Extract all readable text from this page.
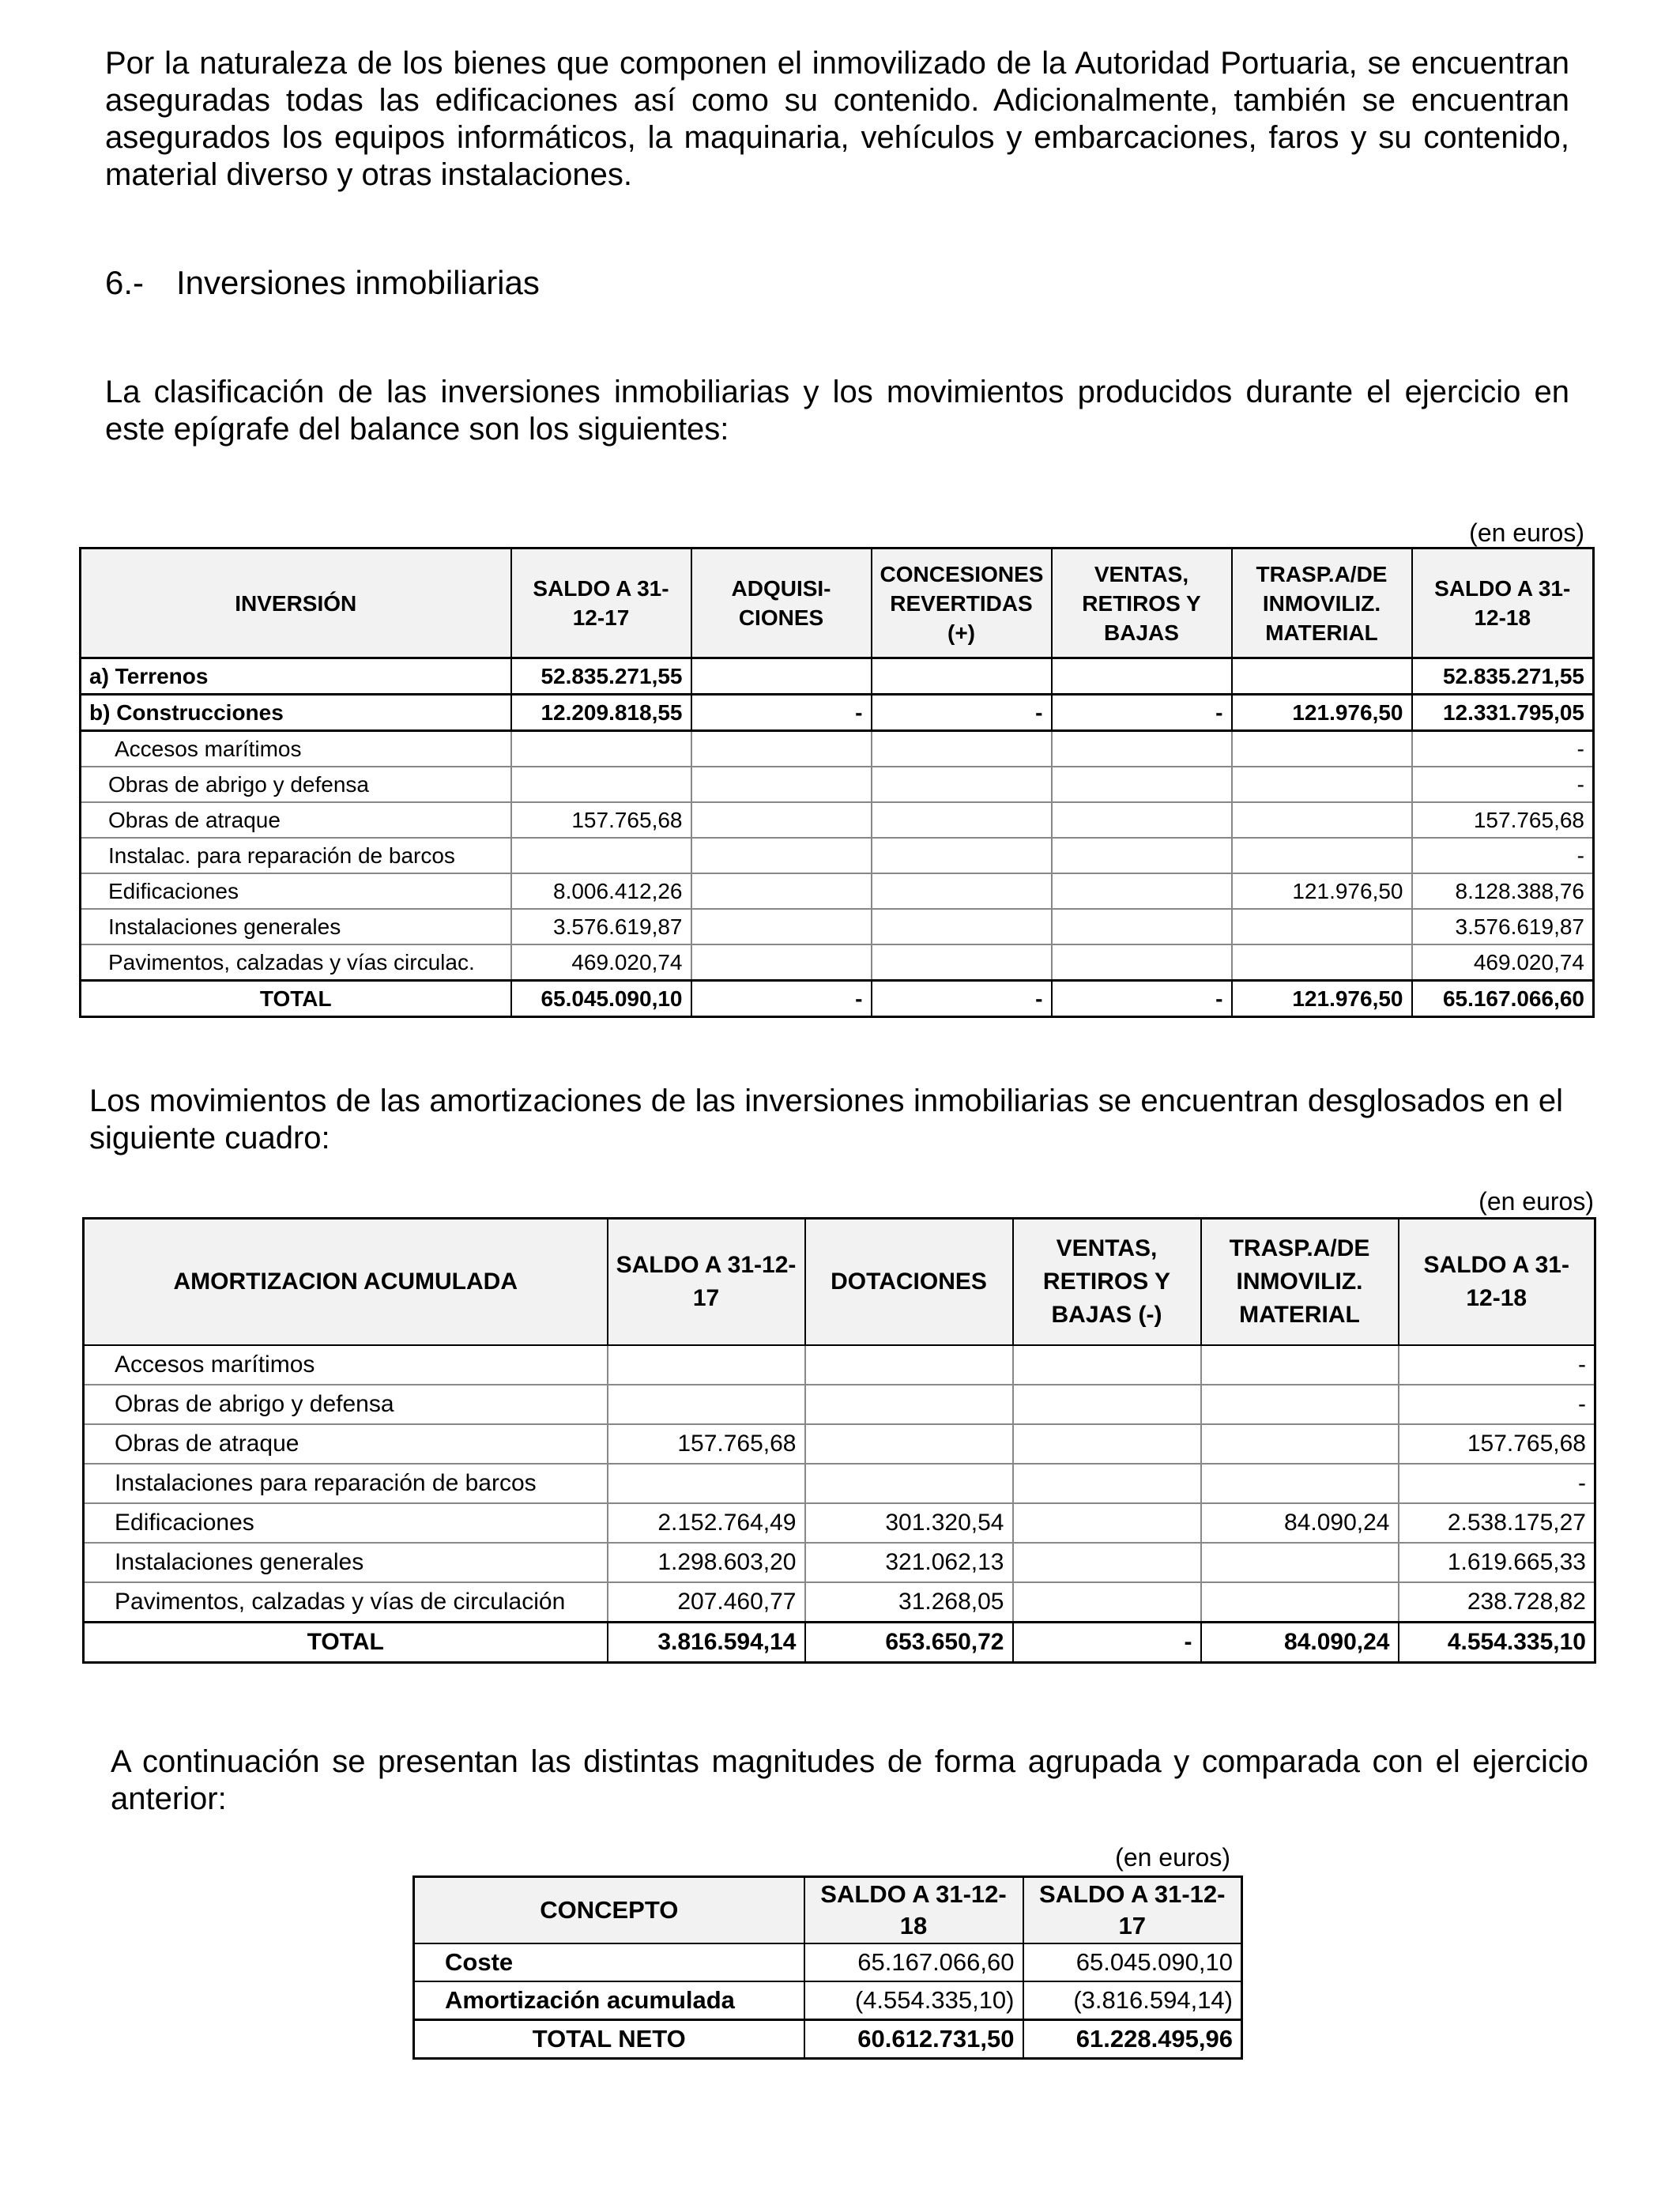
Por la naturaleza de los bienes que componen el inmovilizado de la Autoridad Portuaria, se encuentran aseguradas todas las edificaciones así como su contenido. Adicionalmente, también se encuentran asegurados los equipos informáticos, la maquinaria, vehículos y embarcaciones, faros y su contenido, material diverso y otras instalaciones.

6.- Inversiones inmobiliarias

La clasificación de las inversiones inmobiliarias y los movimientos producidos durante el ejercicio en este epígrafe del balance son los siguientes:

(en euros)
INVERSIÓN	SALDO A 31-12-17	ADQUISI- CIONES	CONCESIONES REVERTIDAS (+)	VENTAS, RETIROS Y BAJAS	TRASP.A/DE INMOVILIZ. MATERIAL	SALDO A 31-12-18
a) Terrenos	52.835.271,55					52.835.271,55
b) Construcciones	12.209.818,55	-	-	-	121.976,50	12.331.795,05
Accesos marítimos						-
Obras de abrigo y defensa						-
Obras de atraque	157.765,68					157.765,68
Instalac. para reparación de barcos						-
Edificaciones	8.006.412,26				121.976,50	8.128.388,76
Instalaciones generales	3.576.619,87					3.576.619,87
Pavimentos, calzadas y vías circulac.	469.020,74					469.020,74
TOTAL	65.045.090,10	-	-	-	121.976,50	65.167.066,60

Los movimientos de las amortizaciones de las inversiones inmobiliarias se encuentran desglosados en el siguiente cuadro:

(en euros)
AMORTIZACION ACUMULADA	SALDO A 31-12-17	DOTACIONES	VENTAS, RETIROS Y BAJAS (-)	TRASP.A/DE INMOVILIZ. MATERIAL	SALDO A 31-12-18
Accesos marítimos					-
Obras de abrigo y defensa					-
Obras de atraque	157.765,68				157.765,68
Instalaciones para reparación de barcos					-
Edificaciones	2.152.764,49	301.320,54		84.090,24	2.538.175,27
Instalaciones generales	1.298.603,20	321.062,13			1.619.665,33
Pavimentos, calzadas y vías de circulación	207.460,77	31.268,05			238.728,82
TOTAL	3.816.594,14	653.650,72	-	84.090,24	4.554.335,10

A continuación se presentan las distintas magnitudes de forma agrupada y comparada con el ejercicio anterior:

(en euros)
CONCEPTO	SALDO A 31-12-18	SALDO A 31-12-17
Coste	65.167.066,60	65.045.090,10
Amortización acumulada	(4.554.335,10)	(3.816.594,14)
TOTAL NETO	60.612.731,50	61.228.495,96
